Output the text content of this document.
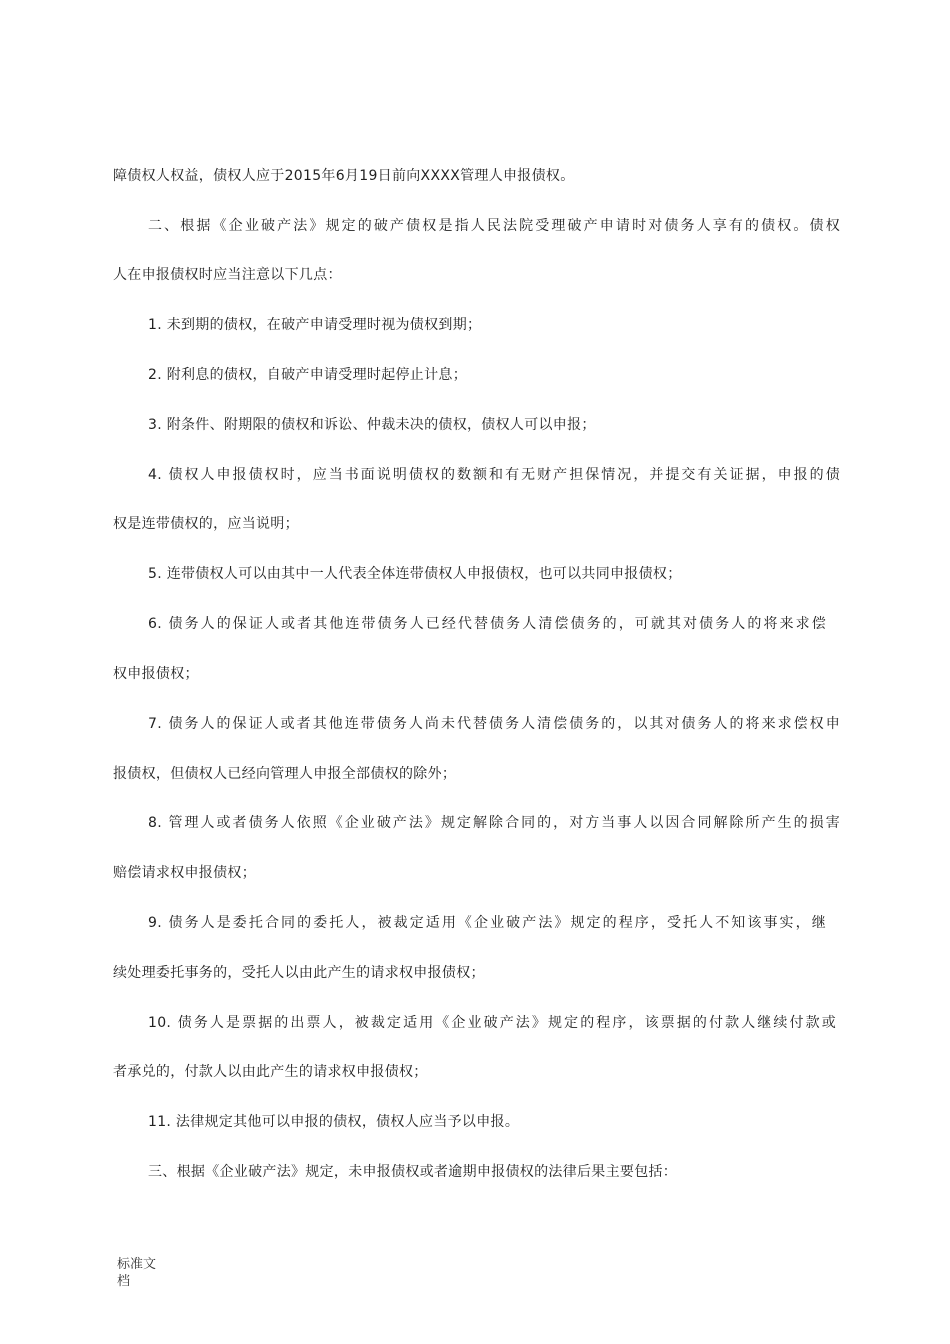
障债权人权益，债权人应于2015年6月19日前向XXXX管理人申报债权。
二、根据《企业破产法》规定的破产债权是指人民法院受理破产申请时对债务人享有的债权。债权
人在申报债权时应当注意以下几点：
1. 未到期的债权，在破产申请受理时视为债权到期；
2. 附利息的债权，自破产申请受理时起停止计息；
3. 附条件、附期限的债权和诉讼、仲裁未决的债权，债权人可以申报；
4. 债权人申报债权时，应当书面说明债权的数额和有无财产担保情况，并提交有关证据，申报的债
权是连带债权的，应当说明；
5. 连带债权人可以由其中一人代表全体连带债权人申报债权，也可以共同申报债权；
6. 债务人的保证人或者其他连带债务人已经代替债务人清偿债务的，可就其对债务人的将来求偿
权申报债权；
7. 债务人的保证人或者其他连带债务人尚未代替债务人清偿债务的，以其对债务人的将来求偿权申
报债权，但债权人已经向管理人申报全部债权的除外；
8. 管理人或者债务人依照《企业破产法》规定解除合同的，对方当事人以因合同解除所产生的损害
赔偿请求权申报债权；
9. 债务人是委托合同的委托人，被裁定适用《企业破产法》规定的程序，受托人不知该事实，继
续处理委托事务的，受托人以由此产生的请求权申报债权；
10. 债务人是票据的出票人，被裁定适用《企业破产法》规定的程序，该票据的付款人继续付款或
者承兑的，付款人以由此产生的请求权申报债权；
11. 法律规定其他可以申报的债权，债权人应当予以申报。
三、根据《企业破产法》规定，未申报债权或者逾期申报债权的法律后果主要包括：
标准文
档
